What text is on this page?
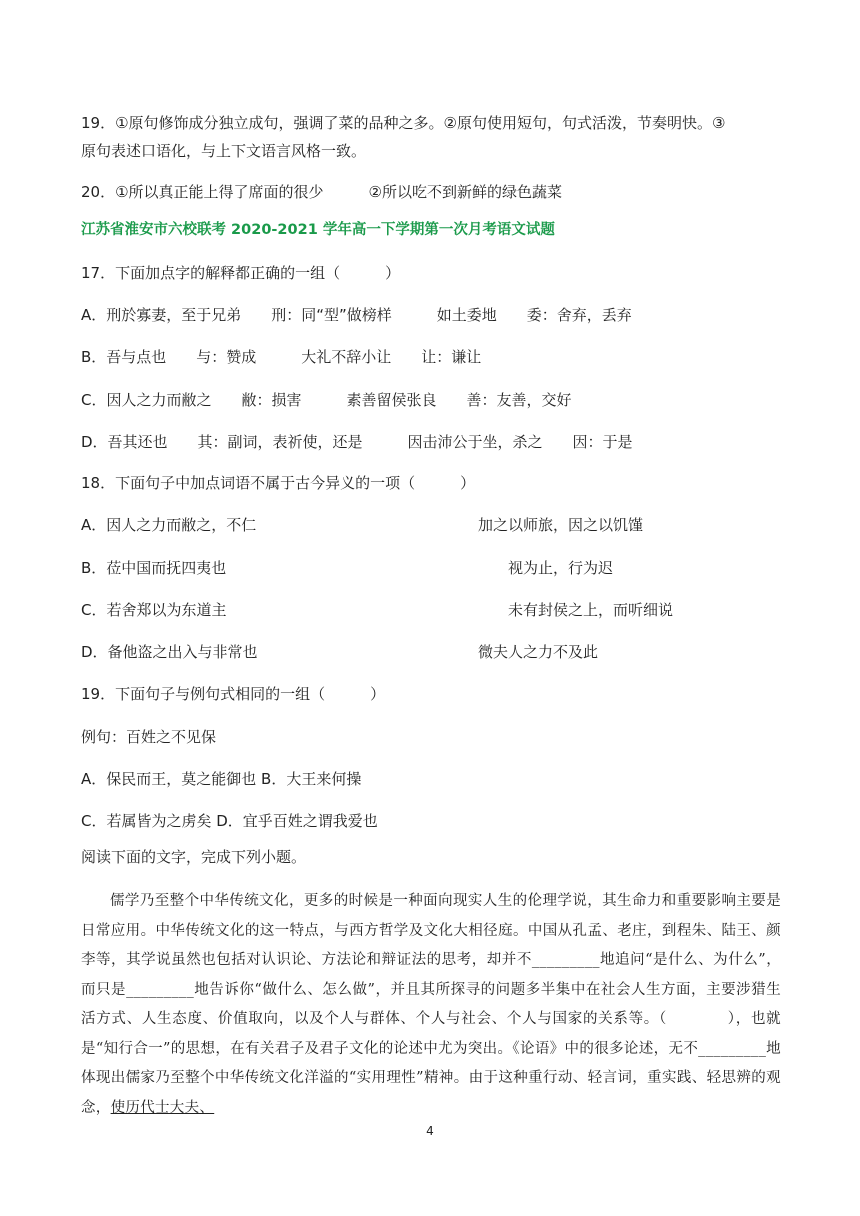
19．①原句修饰成分独立成句，强调了菜的品种之多。②原句使用短句，句式活泼，节奏明快。③
原句表述口语化，与上下文语言风格一致。
20．①所以真正能上得了席面的很少　　　②所以吃不到新鲜的绿色蔬菜
江苏省淮安市六校联考 2020-2021 学年高一下学期第一次月考语文试题
17．下面加点字的解释都正确的一组（　　　）
A．刑於寡妻，至于兄弟　　刑：同“型”做榜样　　　如土委地　　委：舍弃，丢弃
B．吾与点也　　与：赞成　　　大礼不辞小让　　让：谦让
C．因人之力而敝之　　敝：损害　　　素善留侯张良　　善：友善，交好
D．吾其还也　　其：副词，表祈使，还是　　　因击沛公于坐，杀之　　因：于是
18．下面句子中加点词语不属于古今异义的一项（　　　）
A．因人之力而敝之，不仁	加之以师旅，因之以饥馑
B．莅中国而抚四夷也	视为止，行为迟
C．若舍郑以为东道主	未有封侯之上，而听细说
D．备他盗之出入与非常也	微夫人之力不及此
19．下面句子与例句式相同的一组（　　　）
例句：百姓之不见保
A．保民而王，莫之能御也 B．大王来何操
C．若属皆为之虏矣 D．宜乎百姓之谓我爱也
阅读下面的文字，完成下列小题。
儒学乃至整个中华传统文化，更多的时候是一种面向现实人生的伦理学说，其生命力和重要影响主要是日常应用。中华传统文化的这一特点，与西方哲学及文化大相径庭。中国从孔孟、老庄，到程朱、陆王、颜李等，其学说虽然也包括对认识论、方法论和辩证法的思考，却并不_________地追问“是什么、为什么”，而只是_________地告诉你“做什么、怎么做”，并且其所探寻的问题多半集中在社会人生方面，主要涉猎生活方式、人生态度、价值取向，以及个人与群体、个人与社会、个人与国家的关系等。（　　　　），也就是“知行合一”的思想，在有关君子及君子文化的论述中尤为突出。《论语》中的很多论述，无不_________地体现出儒家乃至整个中华传统文化洋溢的“实用理性”精神。由于这种重行动、轻言词，重实践、轻思辨的观念，使历代士大夫、
4
